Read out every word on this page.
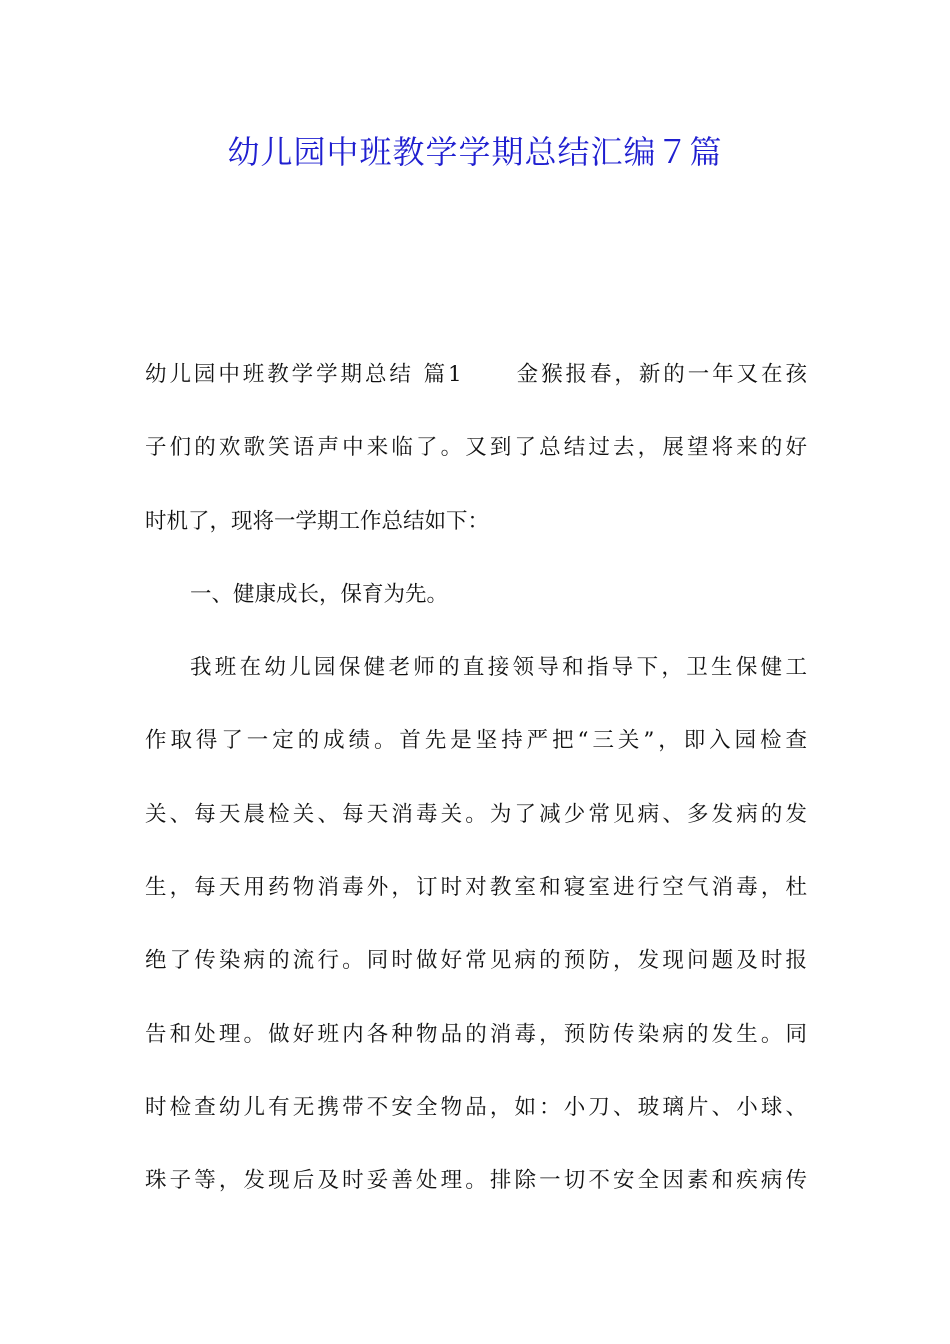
幼儿园中班教学学期总结汇编７篇
幼儿园中班教学学期总结 篇1 金猴报春，新的一年又在孩
子们的欢歌笑语声中来临了。又到了总结过去，展望将来的好
时机了，现将一学期工作总结如下：
一、健康成长，保育为先。
我班在幼儿园保健老师的直接领导和指导下，卫生保健工
作取得了一定的成绩。首先是坚持严把“三关”，即入园检查
关、每天晨检关、每天消毒关。为了减少常见病、多发病的发
生，每天用药物消毒外，订时对教室和寝室进行空气消毒，杜
绝了传染病的流行。同时做好常见病的预防，发现问题及时报
告和处理。做好班内各种物品的消毒，预防传染病的发生。同
时检查幼儿有无携带不安全物品，如：小刀、玻璃片、小球、
珠子等，发现后及时妥善处理。排除一切不安全因素和疾病传
